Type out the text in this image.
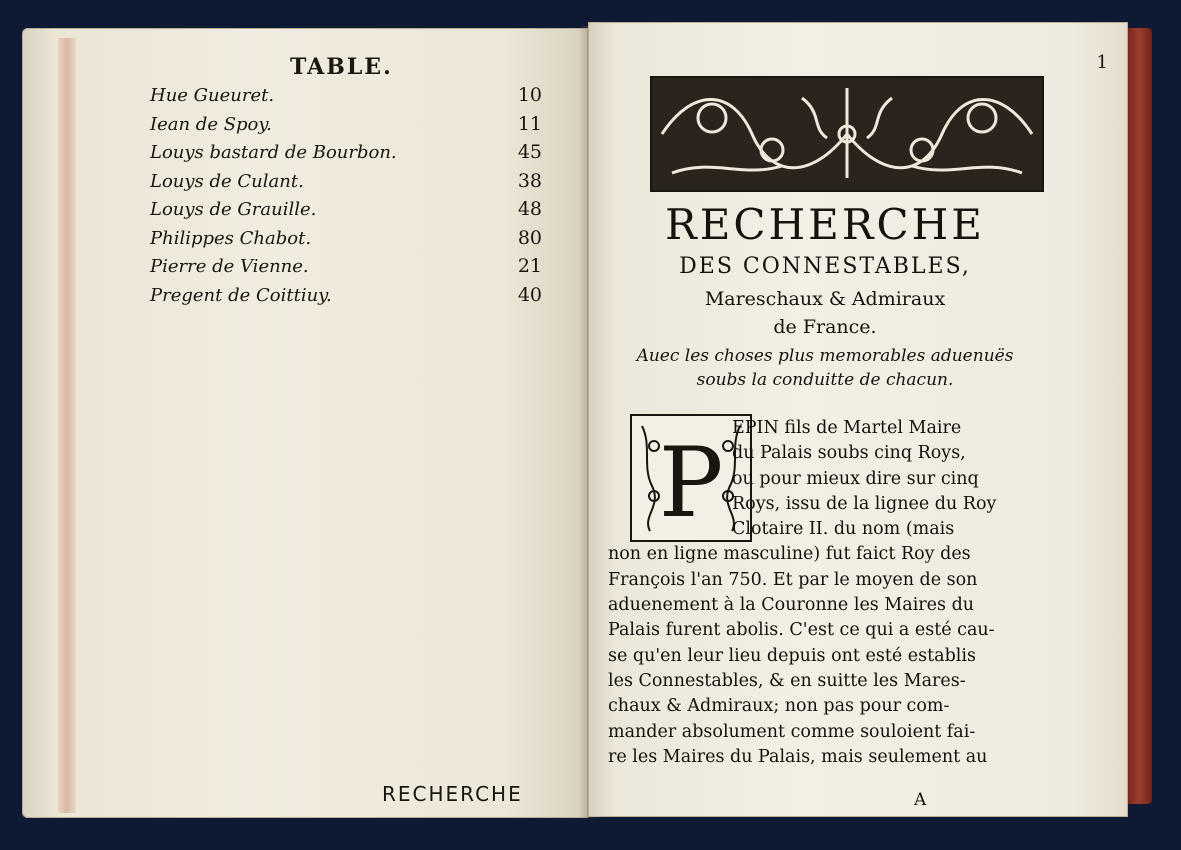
TABLE.
Hue Gueuret.	10
Iean de Spoy.	11
Louys bastard de Bourbon.	45
Louys de Culant.	38
Louys de Grauille.	48
Philippes Chabot.	80
Pierre de Vienne.	21
Pregent de Coittiuy.	40
RECHERCHE
1
RECHERCHE
DES CONNESTABLES,
Mareschaux & Admiraux
de France.
Auec les choses plus memorables aduenuës
soubs la conduitte de chacun.
P EPIN fils de Martel Maire
du Palais soubs cinq Roys,
ou pour mieux dire sur cinq
Roys, issu de la lignee du Roy
Clotaire II. du nom (mais
non en ligne masculine) fut faict Roy des
François l'an 750. Et par le moyen de son
aduenement à la Couronne les Maires du
Palais furent abolis. C'est ce qui a esté cau-
se qu'en leur lieu depuis ont esté establis
les Connestables, & en suitte les Mares-
chaux & Admiraux; non pas pour com-
mander absolument comme souloient fai-
re les Maires du Palais, mais seulement au
A
